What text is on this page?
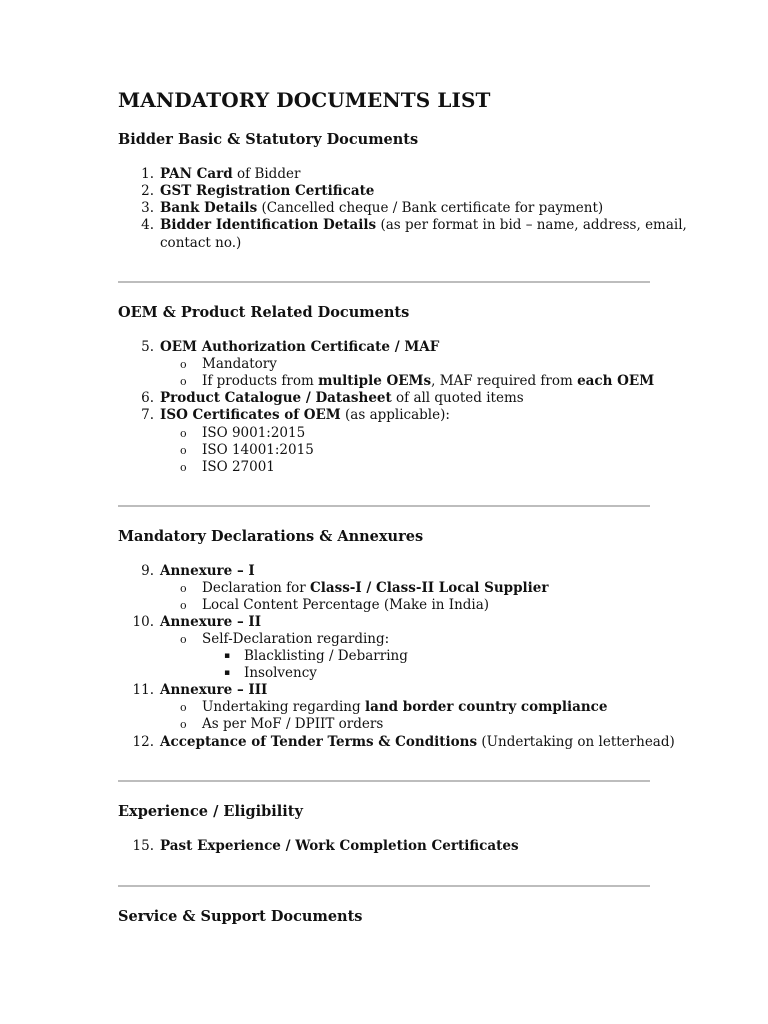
MANDATORY DOCUMENTS LIST
Bidder Basic & Statutory Documents
1. PAN Card of Bidder
2. GST Registration Certificate
3. Bank Details (Cancelled cheque / Bank certificate for payment)
4. Bidder Identification Details (as per format in bid – name, address, email,
contact no.)
OEM & Product Related Documents
5. OEM Authorization Certificate / MAF
o Mandatory
o If products from multiple OEMs, MAF required from each OEM
6. Product Catalogue / Datasheet of all quoted items
7. ISO Certificates of OEM (as applicable):
o ISO 9001:2015
o ISO 14001:2015
o ISO 27001
Mandatory Declarations & Annexures
9. Annexure – I
o Declaration for Class-I / Class-II Local Supplier
o Local Content Percentage (Make in India)
10. Annexure – II
o Self-Declaration regarding:
▪ Blacklisting / Debarring
▪ Insolvency
11. Annexure – III
o Undertaking regarding land border country compliance
o As per MoF / DPIIT orders
12. Acceptance of Tender Terms & Conditions (Undertaking on letterhead)
Experience / Eligibility
15. Past Experience / Work Completion Certificates
Service & Support Documents
